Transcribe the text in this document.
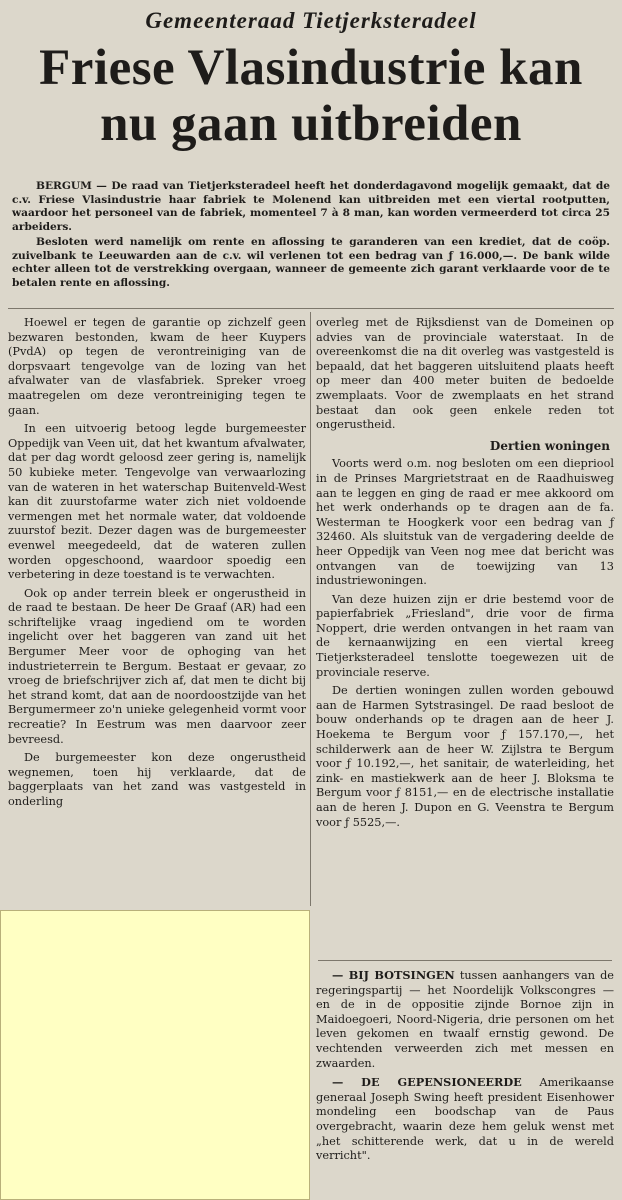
Gemeenteraad Tietjerksteradeel
Friese Vlasindustrie kan
nu gaan uitbreiden

BERGUM — De raad van Tietjerksteradeel heeft het donderdagavond mogelijk gemaakt, dat de c.v. Friese Vlasindustrie haar fabriek te Molenend kan uitbreiden met een viertal rootputten, waardoor het personeel van de fabriek, momenteel 7 à 8 man, kan worden vermeerderd tot circa 25 arbeiders.

Besloten werd namelijk om rente en aflossing te garanderen van een krediet, dat de coöp. zuivelbank te Leeuwarden aan de c.v. wil verlenen tot een bedrag van ƒ 16.000,—. De bank wilde echter alleen tot de verstrekking overgaan, wanneer de gemeente zich garant verklaarde voor de te betalen rente en aflossing.

Hoewel er tegen de garantie op zichzelf geen bezwaren bestonden, kwam de heer Kuypers (PvdA) op tegen de verontreiniging van de dorpsvaart tengevolge van de lozing van het afvalwater van de vlasfabriek. Spreker vroeg maatregelen om deze verontreiniging tegen te gaan.

In een uitvoerig betoog legde burgemeester Oppedijk van Veen uit, dat het kwantum afvalwater, dat per dag wordt geloosd zeer gering is, namelijk 50 kubieke meter. Tengevolge van verwaarlozing van de wateren in het waterschap Buitenveld-West kan dit zuurstofarme water zich niet voldoende vermengen met het normale water, dat voldoende zuurstof bezit. Dezer dagen was de burgemeester evenwel meegedeeld, dat de wateren zullen worden opgeschoond, waardoor spoedig een verbetering in deze toestand is te verwachten.

Ook op ander terrein bleek er ongerustheid in de raad te bestaan. De heer De Graaf (AR) had een schriftelijke vraag ingediend om te worden ingelicht over het baggeren van zand uit het Bergumer Meer voor de ophoging van het industrieterrein te Bergum. Bestaat er gevaar, zo vroeg de briefschrijver zich af, dat men te dicht bij het strand komt, dat aan de noordoostzijde van het Bergumermeer zo'n unieke gelegenheid vormt voor recreatie? In Eestrum was men daarvoor zeer bevreesd.

De burgemeester kon deze ongerustheid wegnemen, toen hij verklaarde, dat de baggerplaats van het zand was vastgesteld in onderling

overleg met de Rijksdienst van de Domeinen op advies van de provinciale waterstaat. In de overeenkomst die na dit overleg was vastgesteld is bepaald, dat het baggeren uitsluitend plaats heeft op meer dan 400 meter buiten de bedoelde zwemplaats. Voor de zwemplaats en het strand bestaat dan ook geen enkele reden tot ongerustheid.

Dertien woningen

Voorts werd o.m. nog besloten om een diepriool in de Prinses Margrietstraat en de Raadhuisweg aan te leggen en ging de raad er mee akkoord om het werk onderhands op te dragen aan de fa. Westerman te Hoogkerk voor een bedrag van ƒ 32460. Als sluitstuk van de vergadering deelde de heer Oppedijk van Veen nog mee dat bericht was ontvangen van de toewijzing van 13 industriewoningen.

Van deze huizen zijn er drie bestemd voor de papierfabriek „Friesland", drie voor de firma Noppert, drie werden ontvangen in het raam van de kernaanwijzing en een viertal kreeg Tietjerksteradeel tenslotte toegewezen uit de provinciale reserve.

De dertien woningen zullen worden gebouwd aan de Harmen Sytstrasingel. De raad besloot de bouw onderhands op te dragen aan de heer J. Hoekema te Bergum voor ƒ 157.170,—, het schilderwerk aan de heer W. Zijlstra te Bergum voor ƒ 10.192,—, het sanitair, de waterleiding, het zink- en mastiekwerk aan de heer J. Bloksma te Bergum voor ƒ 8151,— en de electrische installatie aan de heren J. Dupon en G. Veenstra te Bergum voor ƒ 5525,—.

— BIJ BOTSINGEN tussen aanhangers van de regeringspartij — het Noordelijk Volkscongres — en de in de oppositie zijnde Bornoe zijn in Maidoegoeri, Noord-Nigeria, drie personen om het leven gekomen en twaalf ernstig gewond. De vechtenden verweerden zich met messen en zwaarden.

— DE GEPENSIONEERDE Amerikaanse generaal Joseph Swing heeft president Eisenhower mondeling een boodschap van de Paus overgebracht, waarin deze hem geluk wenst met „het schitterende werk, dat u in de wereld verricht".
